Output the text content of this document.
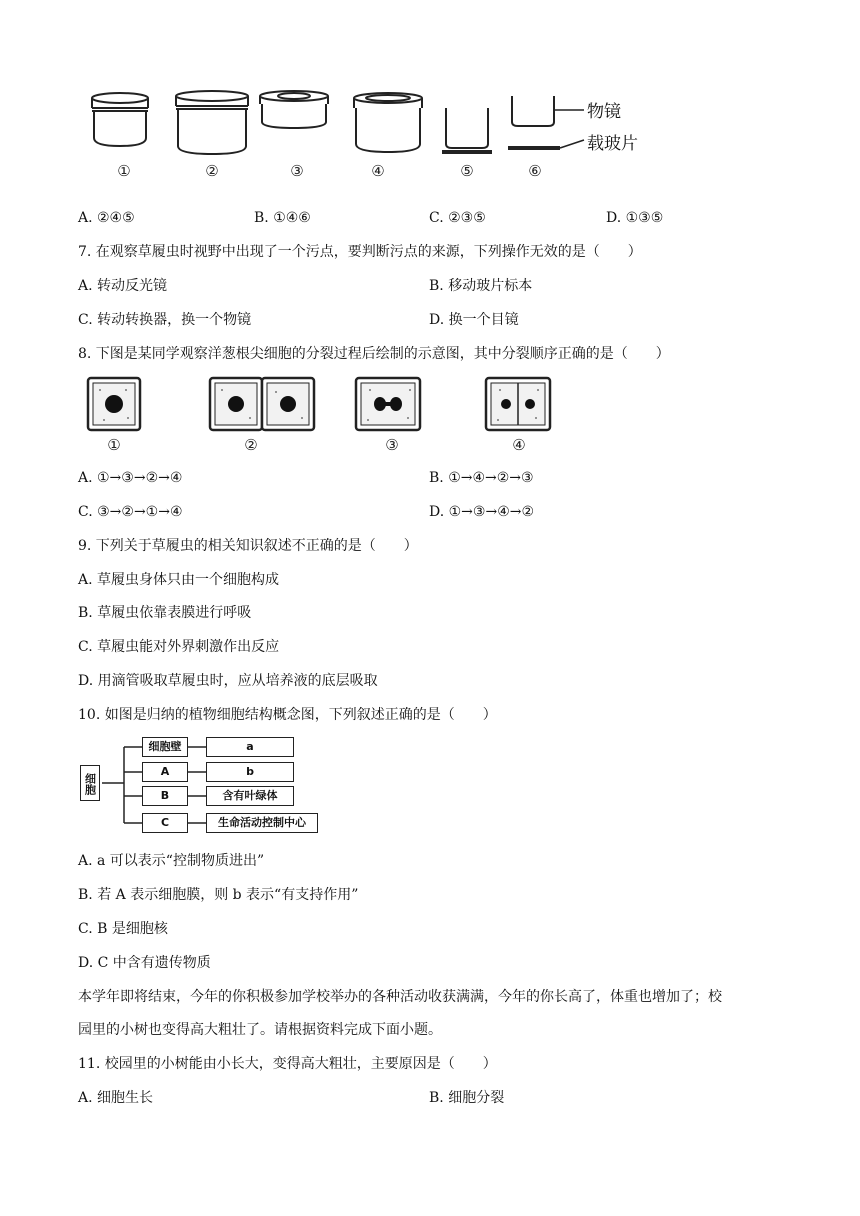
物镜
载玻片
①	②	③	④	⑤	⑥
A. ②④⑤	B. ①④⑥	C. ②③⑤	D. ①③⑤
7. 在观察草履虫时视野中出现了一个污点，要判断污点的来源，下列操作无效的是（　　）
A. 转动反光镜	B. 移动玻片标本
C. 转动转换器，换一个物镜	D. 换一个目镜
8. 下图是某同学观察洋葱根尖细胞的分裂过程后绘制的示意图，其中分裂顺序正确的是（　　）
①	②	③	④
A. ①→③→②→④	B. ①→④→②→③
C. ③→②→①→④	D. ①→③→④→②
9. 下列关于草履虫的相关知识叙述不正确的是（　　）
A. 草履虫身体只由一个细胞构成
B. 草履虫依靠表膜进行呼吸
C. 草履虫能对外界刺激作出反应
D. 用滴管吸取草履虫时，应从培养液的底层吸取
10. 如图是归纳的植物细胞结构概念图，下列叙述正确的是（　　）
细胞
细胞壁
A
B
C
a
b
含有叶绿体
生命活动控制中心
A. a 可以表示“控制物质进出”
B. 若 A 表示细胞膜，则 b 表示“有支持作用”
C. B 是细胞核
D. C 中含有遗传物质
本学年即将结束，今年的你积极参加学校举办的各种活动收获满满，今年的你长高了，体重也增加了；校
园里的小树也变得高大粗壮了。请根据资料完成下面小题。
11. 校园里的小树能由小长大，变得高大粗壮，主要原因是（　　）
A. 细胞生长	B. 细胞分裂
